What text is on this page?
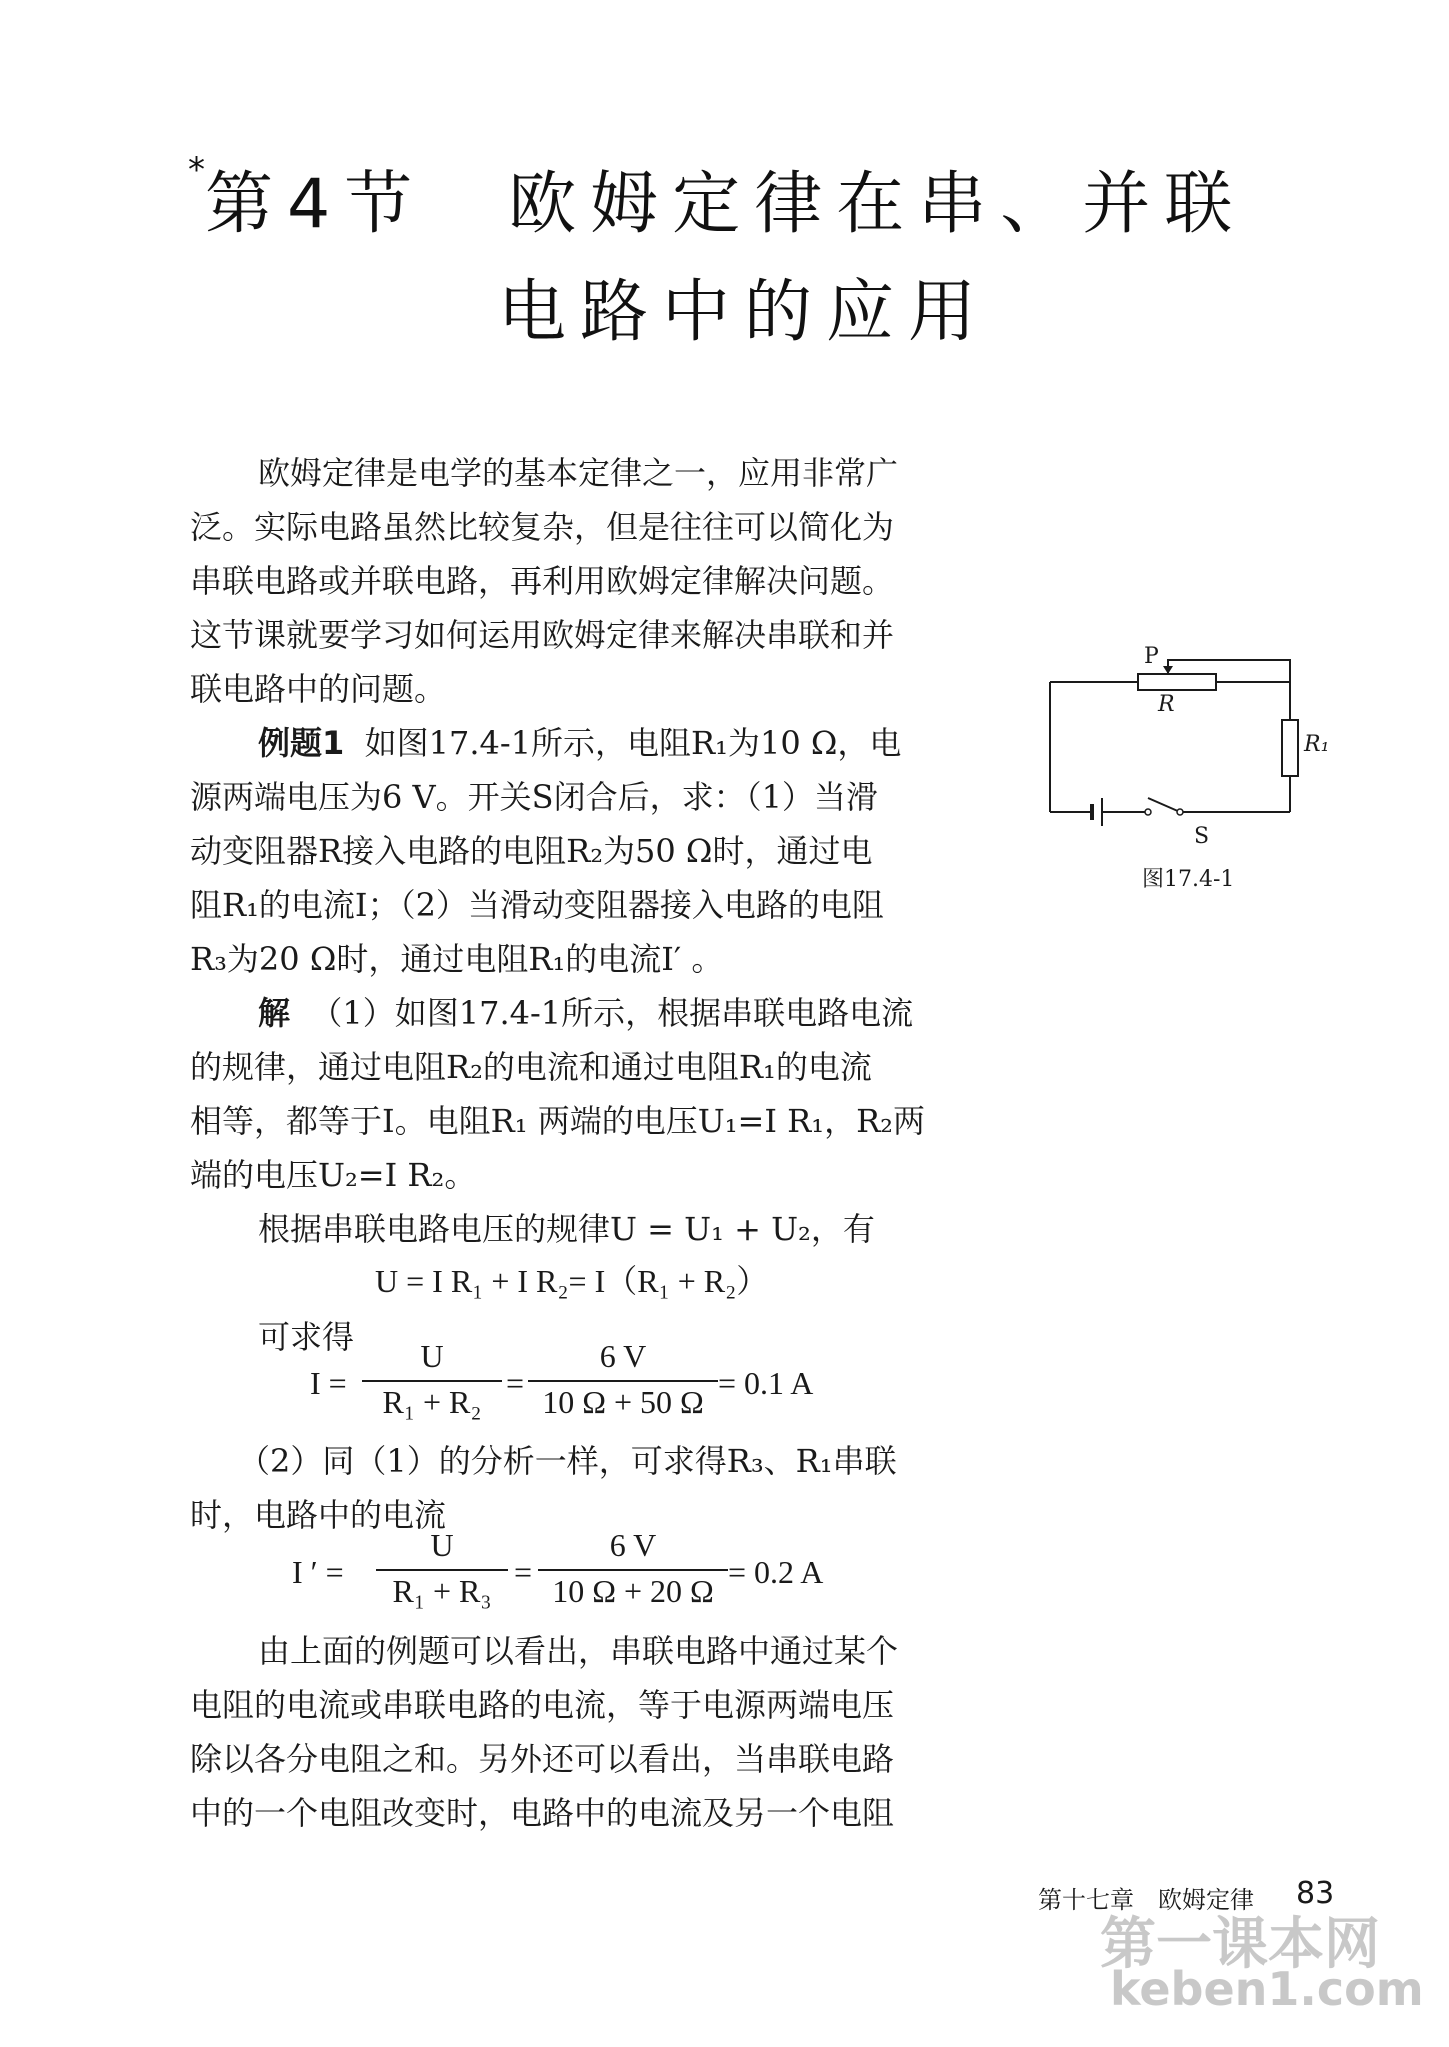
*第4节　欧姆定律在串、并联
电路中的应用
欧姆定律是电学的基本定律之一，应用非常广
泛。实际电路虽然比较复杂，但是往往可以简化为
串联电路或并联电路，再利用欧姆定律解决问题。
这节课就要学习如何运用欧姆定律来解决串联和并
联电路中的问题。
例题1 如图17.4-1所示，电阻R₁为10 Ω，电
源两端电压为6 V。开关S闭合后，求：（1）当滑
动变阻器R接入电路的电阻R₂为50 Ω时，通过电
阻R₁的电流I；（2）当滑动变阻器接入电路的电阻
R₃为20 Ω时，通过电阻R₁的电流I′ 。
解 （1）如图17.4-1所示，根据串联电路电流
的规律，通过电阻R₂的电流和通过电阻R₁的电流
相等，都等于I。电阻R₁ 两端的电压U₁=I R₁，R₂两
端的电压U₂=I R₂。
根据串联电路电压的规律U = U₁ + U₂，有
U = I R₁ + I R₂= I（R₁ + R₂）
可求得
I =
U
R₁ + R₂
=
6 V
10 Ω + 50 Ω
= 0.1 A
（2）同（1）的分析一样，可求得R₃、R₁串联
时，电路中的电流
I ′ =
U
R₁ + R₃
=
6 V
10 Ω + 20 Ω
= 0.2 A
由上面的例题可以看出，串联电路中通过某个
电阻的电流或串联电路的电流，等于电源两端电压
除以各分电阻之和。另外还可以看出，当串联电路
中的一个电阻改变时，电路中的电流及另一个电阻
P
R
R₁
S
图17.4-1
第十七章　欧姆定律 83
第一课本网
keben1.com
